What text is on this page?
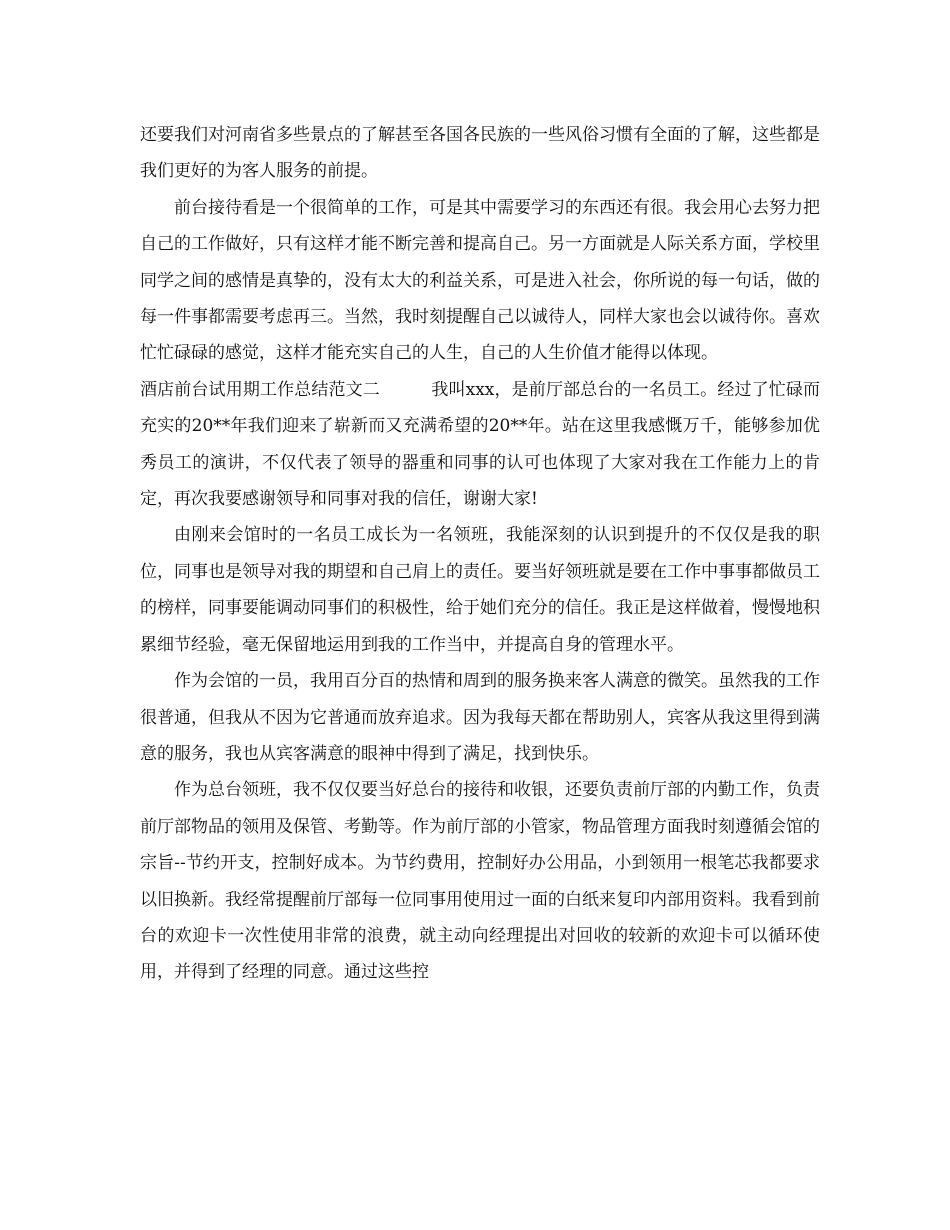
还要我们对河南省多些景点的了解甚至各国各民族的一些风俗习惯有全面的了解，这些都是我们更好的为客人服务的前提。

前台接待看是一个很简单的工作，可是其中需要学习的东西还有很。我会用心去努力把自己的工作做好，只有这样才能不断完善和提高自己。另一方面就是人际关系方面，学校里同学之间的感情是真挚的，没有太大的利益关系，可是进入社会，你所说的每一句话，做的每一件事都需要考虑再三。当然，我时刻提醒自己以诚待人，同样大家也会以诚待你。喜欢忙忙碌碌的感觉，这样才能充实自己的人生，自己的人生价值才能得以体现。

酒店前台试用期工作总结范文二　　　	我叫xxx，是前厅部总台的一名员工。经过了忙碌而充实的20**年我们迎来了崭新而又充满希望的20**年。站在这里我感慨万千，能够参加优秀员工的演讲，不仅代表了领导的器重和同事的认可也体现了大家对我在工作能力上的肯定，再次我要感谢领导和同事对我的信任，谢谢大家!

由刚来会馆时的一名员工成长为一名领班，我能深刻的认识到提升的不仅仅是我的职位，同事也是领导对我的期望和自己肩上的责任。要当好领班就是要在工作中事事都做员工的榜样，同事要能调动同事们的积极性，给于她们充分的信任。我正是这样做着，慢慢地积累细节经验，毫无保留地运用到我的工作当中，并提高自身的管理水平。

作为会馆的一员，我用百分百的热情和周到的服务换来客人满意的微笑。虽然我的工作很普通，但我从不因为它普通而放弃追求。因为我每天都在帮助别人，宾客从我这里得到满意的服务，我也从宾客满意的眼神中得到了满足，找到快乐。

作为总台领班，我不仅仅要当好总台的接待和收银，还要负责前厅部的内勤工作，负责前厅部物品的领用及保管、考勤等。作为前厅部的小管家，物品管理方面我时刻遵循会馆的宗旨--节约开支，控制好成本。为节约费用，控制好办公用品，小到领用一根笔芯我都要求以旧换新。我经常提醒前厅部每一位同事用使用过一面的白纸来复印内部用资料。我看到前台的欢迎卡一次性使用非常的浪费，就主动向经理提出对回收的较新的欢迎卡可以循环使用，并得到了经理的同意。通过这些控
